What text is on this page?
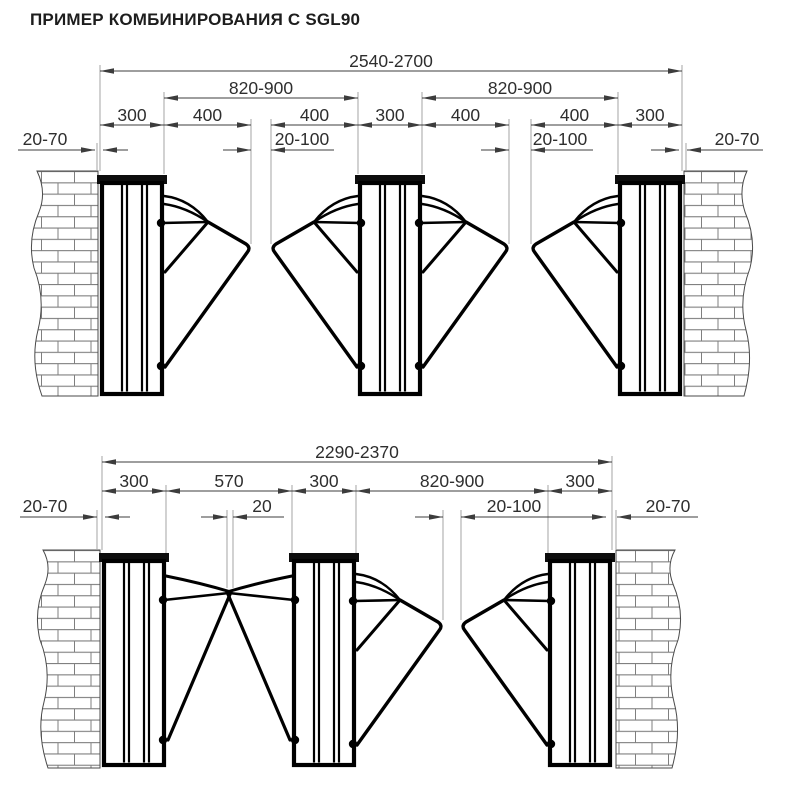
ПРИМЕР КОМБИНИРОВАНИЯ С SGL90
2540-2700
820-900	820-900
300	400	400	300	400	400	300
20-70	20-100	20-100	20-70
2290-2370
300	570	300	820-900	300
20-70	20	20-100	20-70
